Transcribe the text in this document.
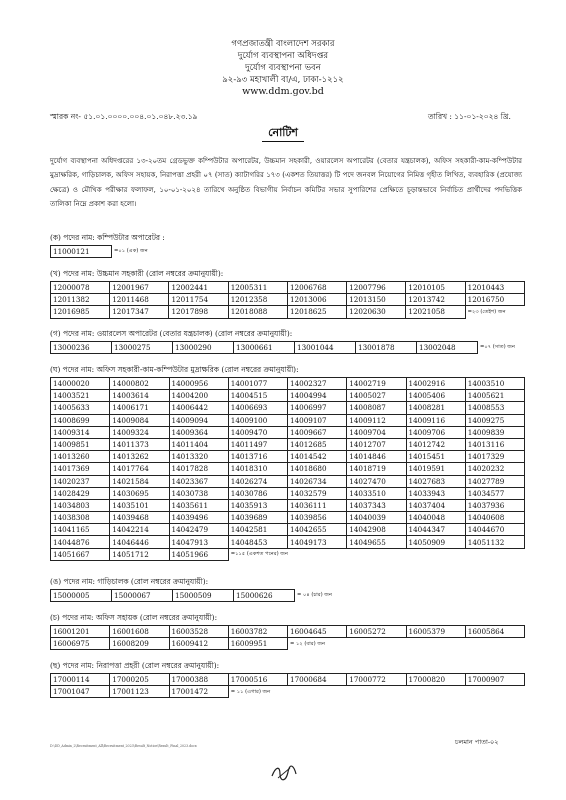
গণপ্রজাতন্ত্রী বাংলাদেশ সরকার
দুর্যোগ ব্যবস্থাপনা অধিদপ্তর
দুর্যোগ ব্যবস্থাপনা ভবন
৯২-৯৩ মহাখালী বা/এ, ঢাকা-১২১২
www.ddm.gov.bd
স্মারক নং- ৫১.০১.০০০০.০০৪.০১.০৪৮.২৩.১৯	তারিখ : ১১-০১-২০২৪ খ্রি.
নোটিশ
দুর্যোগ ব্যবস্থাপনা অধিদপ্তরের ১৩-২০তম গ্রেডভুক্ত কম্পিউটার অপারেটর, উচ্চমান সহকারী, ওয়ারলেস অপারেটর (বেতার যন্ত্রচালক), অফিস সহকারী-কাম-কম্পিউটার মুদ্রাক্ষরিক, গাড়িচালক, অফিস সহায়ক, নিরাপত্তা প্রহরী ০৭ (সাত) ক্যাটাগরির ১৭৩ (একশত তিয়াত্তর) টি পদে জনবল নিয়োগের নিমিত্ত গৃহীত লিখিত, ব্যবহারিক (প্রযোজ্য ক্ষেত্রে) ও মৌখিক পরীক্ষার ফলাফল, ১০-০১-২০২৪ তারিখে অনুষ্ঠিত বিভাগীয় নির্বাচন কমিটির সভার সুপারিশের প্রেক্ষিতে চূড়ান্তভাবে নির্বাচিত প্রার্থীদের পদভিত্তিক তালিকা নিম্নে প্রকাশ করা হলো।
(ক) পদের নাম: কম্পিউটার অপারেটর :
11000121	=০১ (এক) জন
(খ) পদের নাম: উচ্চমান সহকারী (রোল নম্বরের ক্রমানুযায়ী):
12000078	12001967	12002441	12005311	12006768	12007796	12010105	12010443
12011382	12011468	12011754	12012358	12013006	12013150	12013742	12016750
12016985	12017347	12017898	12018088	12018625	12020630	12021058	=২৩ (তেইশ) জন
(গ) পদের নাম: ওয়ারলেস অপারেটর (বেতার যন্ত্রচালক) (রোল নম্বরের ক্রমানুযায়ী):
13000236	13000275	13000290	13000661	13001044	13001878	13002048	=০৭ (সাত) জন
(ঘ) পদের নাম: অফিস সহকারী-কাম-কম্পিউটার মুদ্রাক্ষরিক (রোল নম্বরের ক্রমানুযায়ী):
14000020	14000802	14000956	14001077	14002327	14002719	14002916	14003510
14003521	14003614	14004200	14004515	14004994	14005027	14005406	14005621
14005633	14006171	14006442	14006693	14006997	14008087	14008281	14008553
14008699	14009084	14009094	14009100	14009107	14009112	14009116	14009275
14009314	14009324	14009364	14009470	14009667	14009704	14009706	14009839
14009851	14011373	14011404	14011497	14012685	14012707	14012742	14013116
14013260	14013262	14013320	14013716	14014542	14014846	14015451	14017329
14017369	14017764	14017828	14018310	14018680	14018719	14019591	14020232
14020237	14021584	14023367	14026274	14026734	14027470	14027683	14027789
14028429	14030695	14030738	14030786	14032579	14033510	14033943	14034577
14034803	14035101	14035611	14035913	14036111	14037343	14037404	14037936
14038308	14039468	14039496	14039689	14039856	14040039	14040048	14040608
14041165	14042214	14042479	14042581	14042655	14042908	14044347	14044670
14044876	14046446	14047913	14048453	14049173	14049655	14050909	14051132
14051667	14051712	14051966	=১১৫ (একশত পনের) জন				
(ঙ) পদের নাম: গাড়িচালক (রোল নম্বরের ক্রমানুযায়ী):
15000005	15000067	15000509	15000626	= ০৪ (চার) জন
(চ) পদের নাম: অফিস সহায়ক (রোল নম্বরের ক্রমানুযায়ী):
16001201	16001608	16003528	16003782	16004645	16005272	16005379	16005864
16006975	16008209	16009412	16009951	= ১২ (বার) জন			
(ছ) পদের নাম: নিরাপত্তা প্রহরী (রোল নম্বরের ক্রমানুযায়ী):
17000114	17000205	17000388	17000516	17000684	17000772	17000820	17000907
17001047	17001123	17001472	= ১১ (এগার) জন				
চলমান পাতা-০২
D:\DD_Admin_2\Recruitment_All\Recruitment_2023\Result_Notice\Result_Final_2023.docx
